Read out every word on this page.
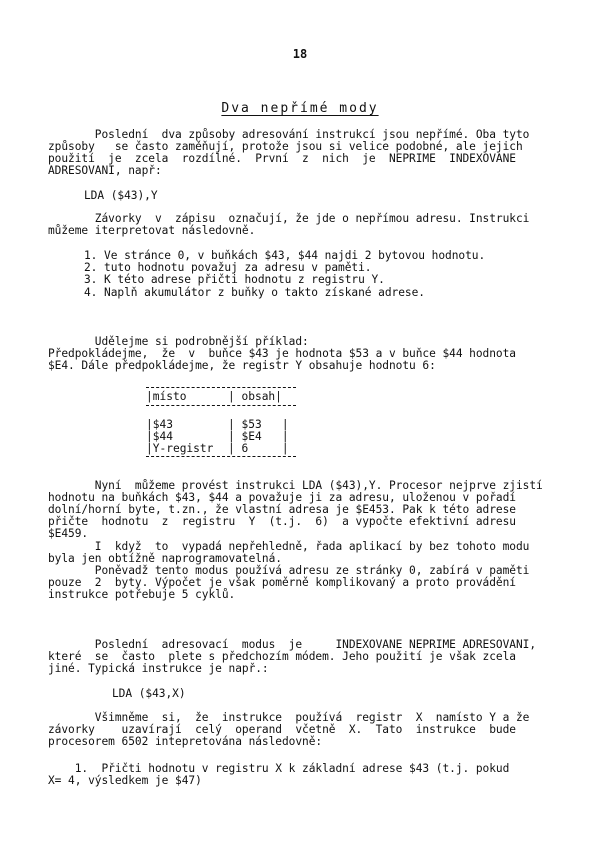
18
Dva nepřímé mody
Poslední  dva způsoby adresování instrukcí jsou nepřímé. Oba tyto
způsoby   se často zaměňují, protože jsou si velice podobné, ale jejich
použití  je  zcela  rozdílné.  První  z  nich  je  NEPRIME  INDEXOVANE
ADRESOVANI, např:
LDA ($43),Y
Závorky  v  zápisu  označují, že jde o nepřímou adresu. Instrukci
můžeme iterpretovat následovně.
1. Ve stránce 0, v buňkách $43, $44 najdi 2 bytovou hodnotu.
2. tuto hodnotu považuj za adresu v paměti.
3. K této adrese přičti hodnotu z registru Y.
4. Naplň akumulátor z buňky o takto získané adrese.
Udělejme si podrobnější příklad:
Předpokládejme,  že  v  buňce $43 je hodnota $53 a v buňce $44 hodnota
$E4. Dále předpokládejme, že registr Y obsahuje hodnotu 6:
|místo	| obsah|
|$43	| $53   |
|$44	| $E4   |
|Y-registr	| 6     |
Nyní  můžeme provést instrukci LDA ($43),Y. Procesor nejprve zjistí
hodnotu na buňkách $43, $44 a považuje ji za adresu, uloženou v pořadí
dolní/horní byte, t.zn., že vlastní adresa je $E453. Pak k této adrese
přičte  hodnotu  z  registru  Y  (t.j.  6)  a vypočte efektivní adresu
$E459.
I  když  to  vypadá nepřehledně, řada aplikací by bez tohoto modu
byla jen obtížně naprogramovatelná.
Poněvadž tento modus používá adresu ze stránky 0, zabírá v paměti
pouze  2  byty. Výpočet je však poměrně komplikovaný a proto provádění
instrukce potřebuje 5 cyklů.
Poslední  adresovací  modus  je     INDEXOVANE NEPRIME ADRESOVANI,
které  se  často  plete s předchozím módem. Jeho použití je však zcela
jiné. Typická instrukce je např.:
LDA ($43,X)
Všimněme  si,  že  instrukce  používá  registr  X  namísto Y a že
závorky    uzavírají  celý  operand  včetně  X.  Tato  instrukce  bude
procesorem 6502 intepretována následovně:
1.  Přičti hodnotu v registru X k základní adrese $43 (t.j. pokud
X= 4, výsledkem je $47)
